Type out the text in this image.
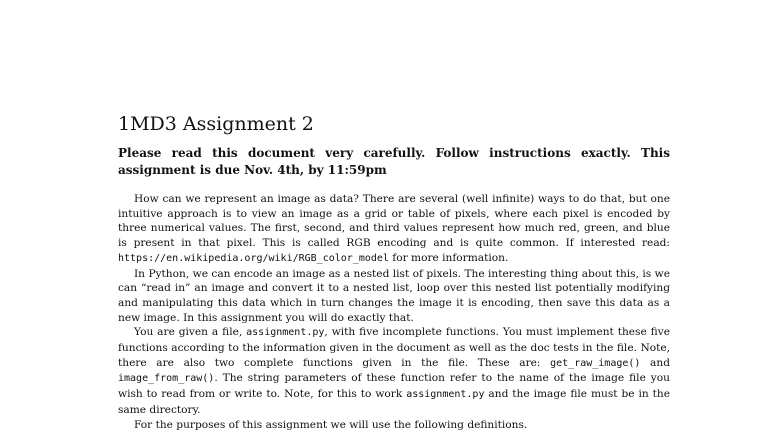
1MD3 Assignment 2

Please read this document very carefully. Follow instructions exactly. This assignment is due Nov. 4th, by 11:59pm

How can we represent an image as data? There are several (well infinite) ways to do that, but one intuitive approach is to view an image as a grid or table of pixels, where each pixel is encoded by three numerical values. The first, second, and third values represent how much red, green, and blue is present in that pixel. This is called RGB encoding and is quite common. If interested read: https://en.wikipedia.org/wiki/RGB_color_model for more information.

In Python, we can encode an image as a nested list of pixels. The interesting thing about this, is we can “read in” an image and convert it to a nested list, loop over this nested list potentially modifying and manipulating this data which in turn changes the image it is encoding, then save this data as a new image. In this assignment you will do exactly that.

You are given a file, assignment.py, with five incomplete functions. You must implement these five functions according to the information given in the document as well as the doc tests in the file. Note, there are also two complete functions given in the file. These are: get_raw_image() and image_from_raw(). The string parameters of these function refer to the name of the image file you wish to read from or write to. Note, for this to work assignment.py and the image file must be in the same directory.

For the purposes of this assignment we will use the following definitions.
